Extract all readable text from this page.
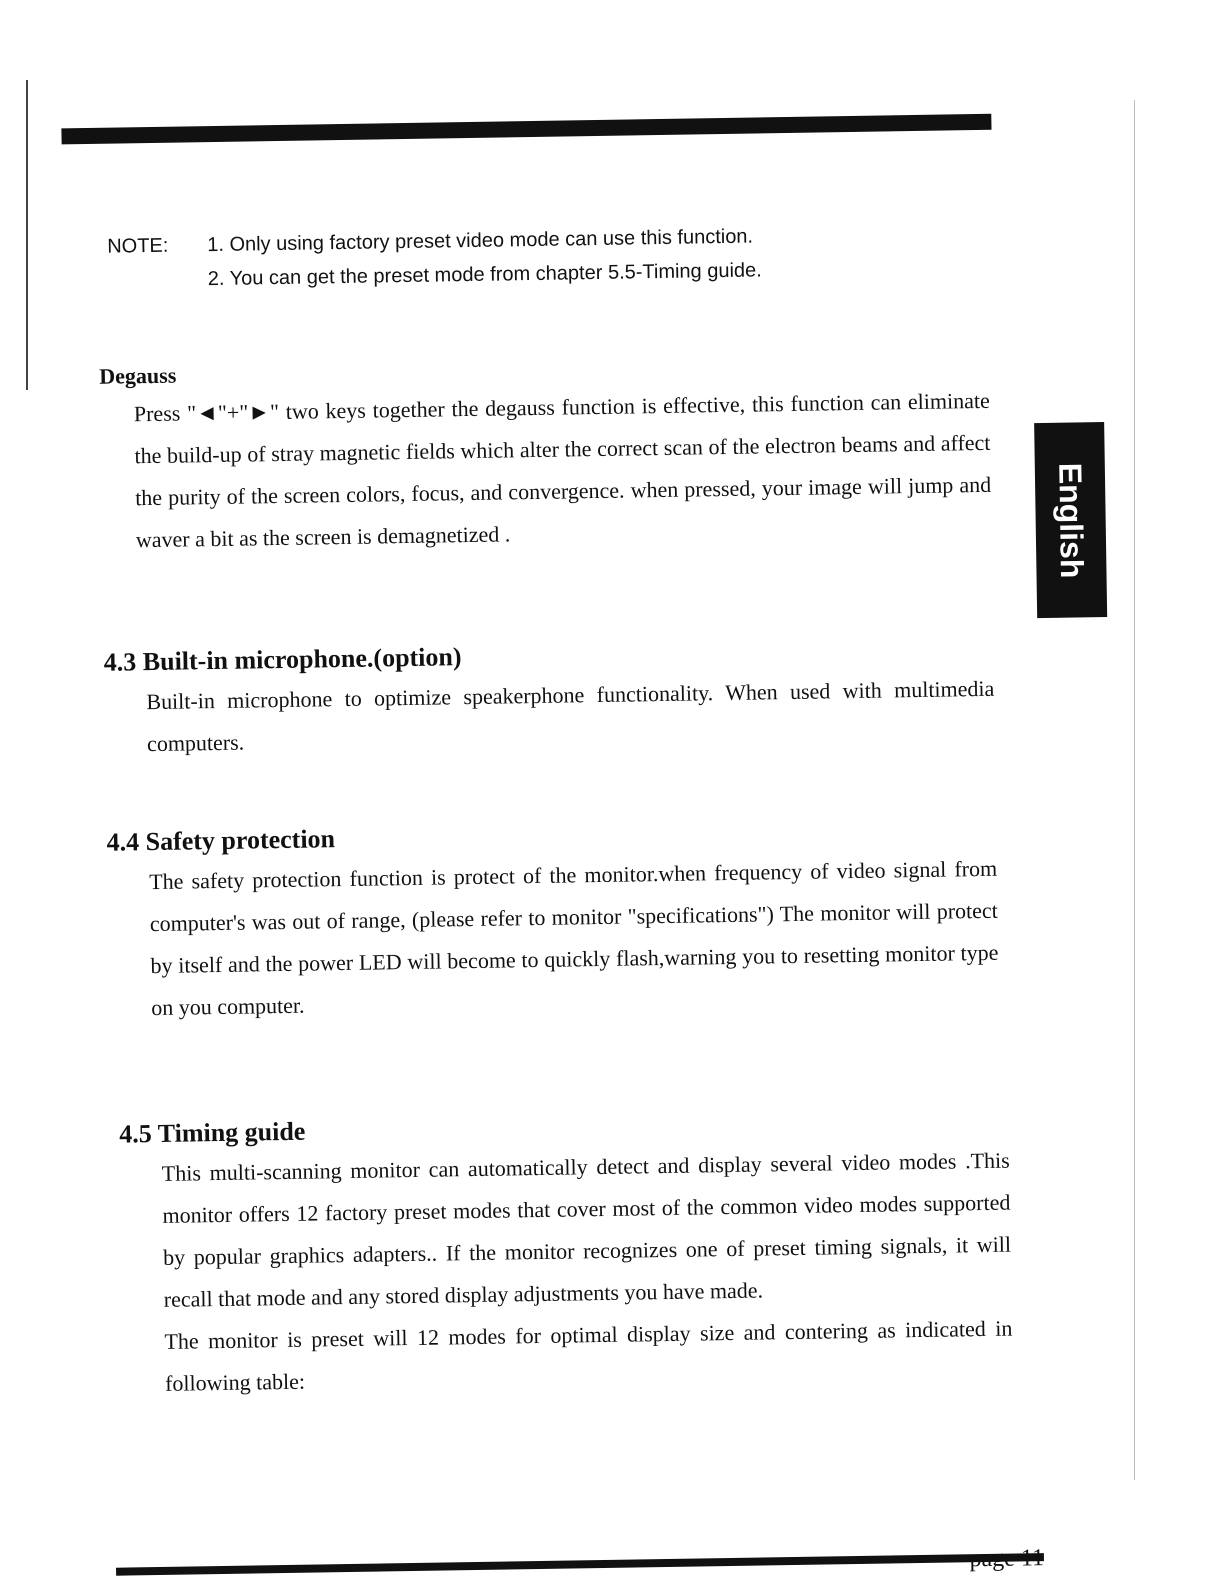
NOTE: 1. Only using factory preset video mode can use this function.
2. You can get the preset mode from chapter 5.5-Timing guide.
Degauss

Press "◄"+"►" two keys together the degauss function is effective, this function can eliminate the build-up of stray magnetic fields which alter the correct scan of the electron beams and affect the purity of the screen colors, focus, and convergence. when pressed, your image will jump and waver a bit as the screen is demagnetized .

4.3 Built-in microphone.(option)

Built-in microphone to optimize speakerphone functionality. When used with multimedia computers.

4.4 Safety protection

The safety protection function is protect of the monitor.when frequency of video signal from computer's was out of range, (please refer to monitor "specifications") The monitor will protect by itself and the power LED will become to quickly flash,warning you to resetting monitor type on you computer.

4.5 Timing guide

This multi-scanning monitor can automatically detect and display several video modes .This monitor offers 12 factory preset modes that cover most of the common video modes supported by popular graphics adapters.. If the monitor recognizes one of preset timing signals, it will recall that mode and any stored display adjustments you have made.

The monitor is preset will 12 modes for optimal display size and contering as indicated in following table:

English
page 11
